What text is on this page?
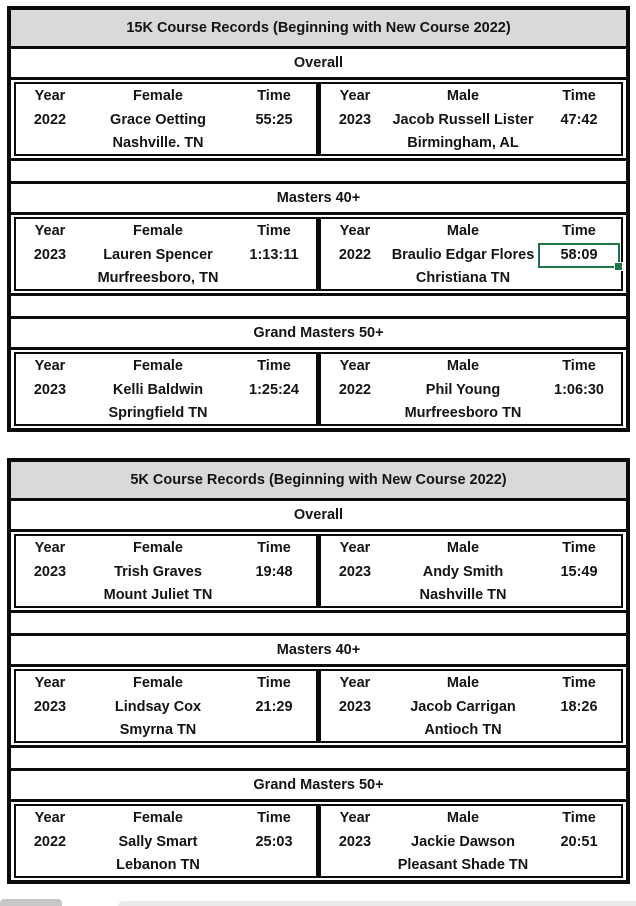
15K Course Records (Beginning with New Course 2022)
Overall
Year	Female	Time
2022	Grace Oetting	55:25
Nashville. TN
Year	Male	Time
2023	Jacob Russell Lister	47:42
Birmingham, AL
Masters 40+
Year	Female	Time
2023	Lauren Spencer	1:13:11
Murfreesboro, TN
Year	Male	Time
2022	Braulio Edgar Flores	58:09
Christiana TN
Grand Masters 50+
Year	Female	Time
2023	Kelli Baldwin	1:25:24
Springfield TN
Year	Male	Time
2022	Phil Young	1:06:30
Murfreesboro TN
5K Course Records (Beginning with New Course 2022)
Overall
Year	Female	Time
2023	Trish Graves	19:48
Mount Juliet TN
Year	Male	Time
2023	Andy Smith	15:49
Nashville TN
Masters 40+
Year	Female	Time
2023	Lindsay Cox	21:29
Smyrna TN
Year	Male	Time
2023	Jacob Carrigan	18:26
Antioch TN
Grand Masters 50+
Year	Female	Time
2022	Sally Smart	25:03
Lebanon TN
Year	Male	Time
2023	Jackie Dawson	20:51
Pleasant Shade TN
